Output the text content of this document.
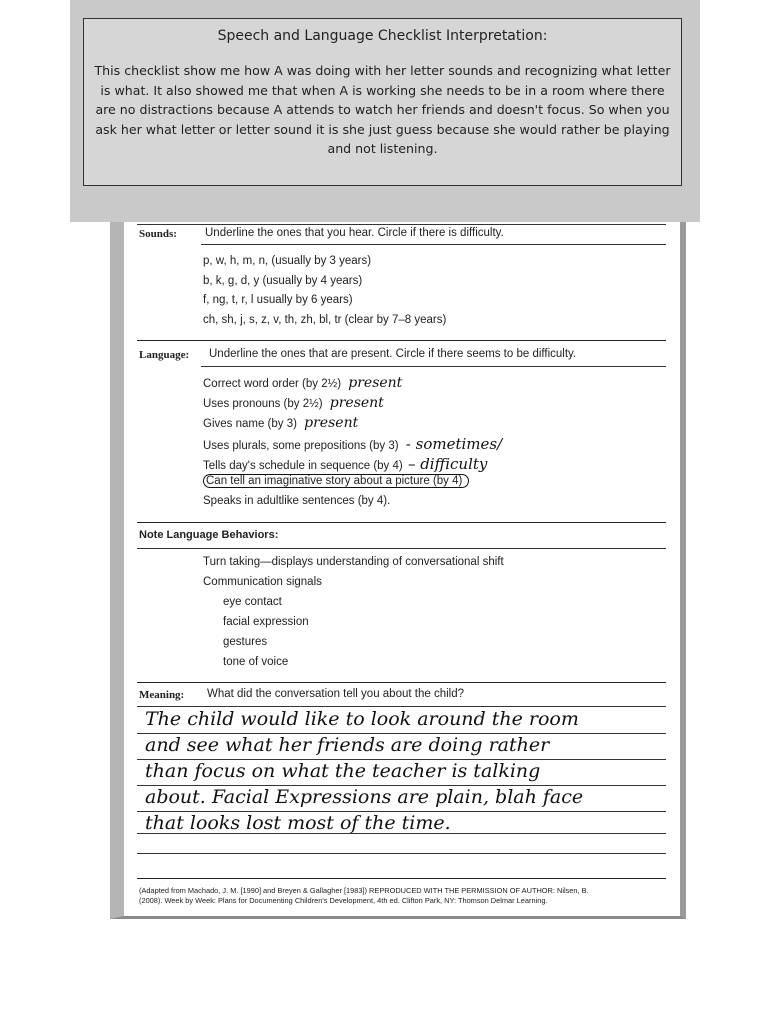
Speech and Language Checklist Interpretation:
This checklist show me how A was doing with her letter sounds and recognizing what letter is what. It also showed me that when A is working she needs to be in a room where there are no distractions because A attends to watch her friends and doesn't focus. So when you ask her what letter or letter sound it is she just guess because she would rather be playing and not listening.
Sounds: Underline the ones that you hear. Circle if there is difficulty.
p, w, h, m, n, (usually by 3 years)
b, k, g, d, y (usually by 4 years)
f, ng, t, r, l usually by 6 years)
ch, sh, j, s, z, v, th, zh, bl, tr (clear by 7–8 years)
Language: Underline the ones that are present. Circle if there seems to be difficulty.
Correct word order (by 2½) present
Uses pronouns (by 2½) present
Gives name (by 3) present
Uses plurals, some prepositions (by 3) - sometimes/
Tells day's schedule in sequence (by 4) – difficulty
Can tell an imaginative story about a picture (by 4)
Speaks in adultlike sentences (by 4).
Note Language Behaviors:
Turn taking—displays understanding of conversational shift
Communication signals
eye contact
facial expression
gestures
tone of voice
Meaning: What did the conversation tell you about the child?
The child would like to look around the room
and see what her friends are doing rather
than focus on what the teacher is talking
about. Facial Expressions are plain, blah face
that looks lost most of the time.
(Adapted from Machado, J. M. [1990] and Breyen & Gallagher [1983]) REPRODUCED WITH THE PERMISSION OF AUTHOR: Nilsen, B.
(2008). Week by Week: Plans for Documenting Children's Development, 4th ed. Clifton Park, NY: Thomson Delmar Learning.
